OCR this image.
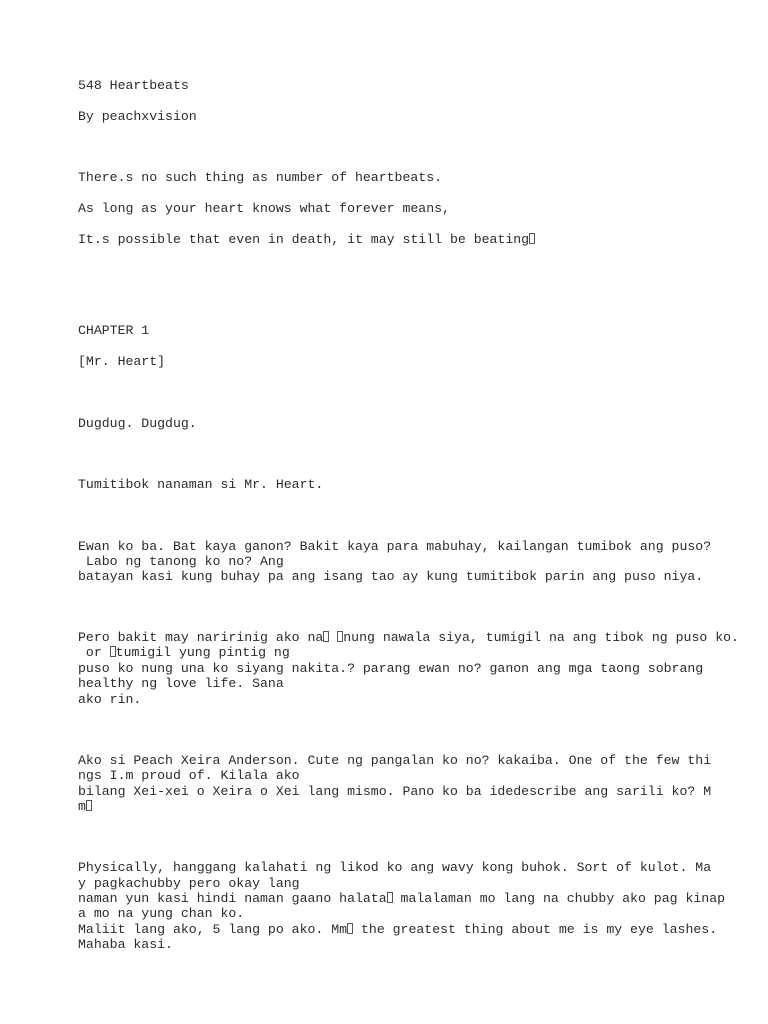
548 Heartbeats

By peachxvision

There.s no such thing as number of heartbeats.

As long as your heart knows what forever means,

It.s possible that even in death, it may still be beating

CHAPTER 1

[Mr. Heart]

Dugdug. Dugdug.

Tumitibok nanaman si Mr. Heart.

Ewan ko ba. Bat kaya ganon? Bakit kaya para mabuhay, kailangan tumibok ang puso?

Labo ng tanong ko no? Ang

batayan kasi kung buhay pa ang isang tao ay kung tumitibok parin ang puso niya.

Pero bakit may naririnig ako na nung nawala siya, tumigil na ang tibok ng puso ko.

or tumigil yung pintig ng

puso ko nung una ko siyang nakita.? parang ewan no? ganon ang mga taong sobrang

healthy ng love life. Sana

ako rin.

Ako si Peach Xeira Anderson. Cute ng pangalan ko no? kakaiba. One of the few thi

ngs I.m proud of. Kilala ako

bilang Xei-xei o Xeira o Xei lang mismo. Pano ko ba idedescribe ang sarili ko? M

m

Physically, hanggang kalahati ng likod ko ang wavy kong buhok. Sort of kulot. Ma

y pagkachubby pero okay lang

naman yun kasi hindi naman gaano halata malalaman mo lang na chubby ako pag kinap

a mo na yung chan ko.

Maliit lang ako, 5 lang po ako. Mm the greatest thing about me is my eye lashes.

Mahaba kasi.
